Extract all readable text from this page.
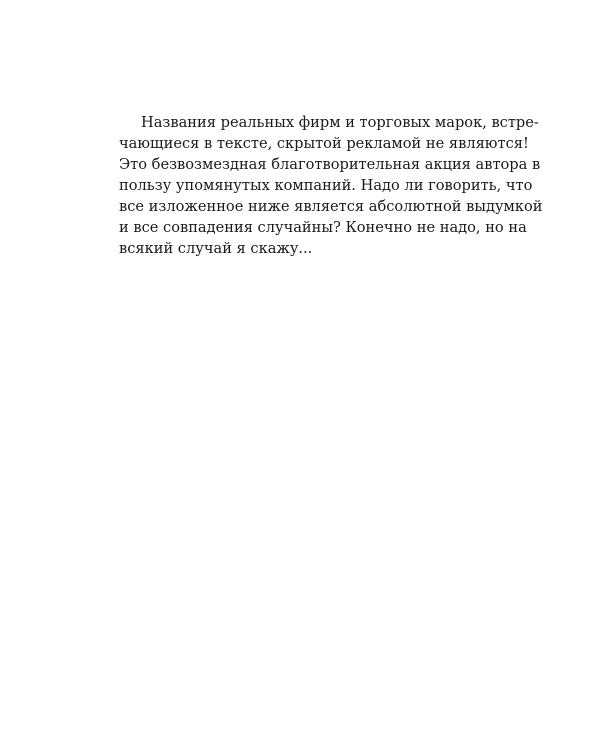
Названия реальных фирм и торговых марок, встре-
чающиеся в тексте, скрытой рекламой не являются!
Это безвозмездная благотворительная акция автора в
пользу упомянутых компаний. Надо ли говорить, что
все изложенное ниже является абсолютной выдумкой
и все совпадения случайны? Конечно не надо, но на
всякий случай я скажу...
